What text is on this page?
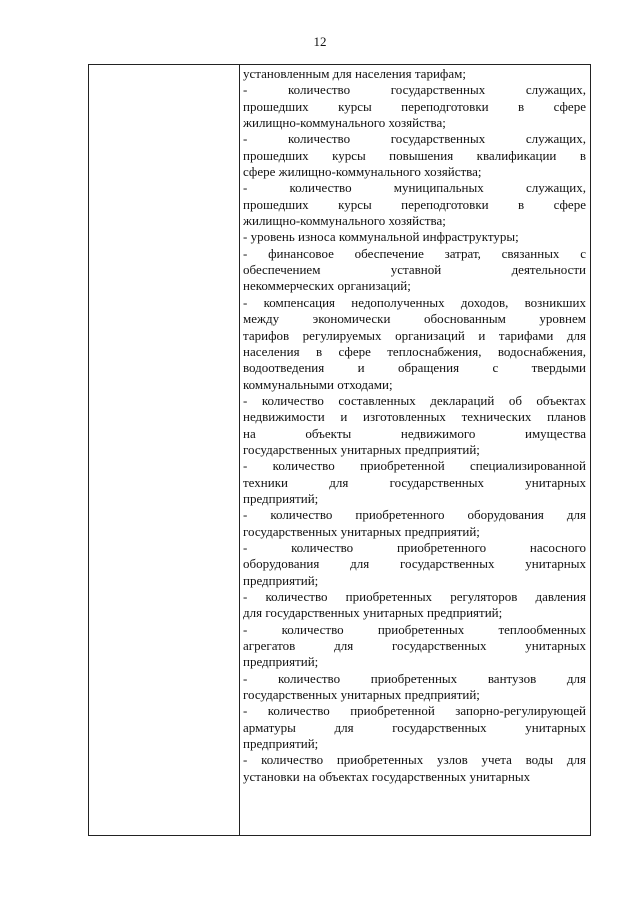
12
установленным для населения тарифам;
-	количество	государственных	служащих,
прошедших курсы переподготовки в сфере
жилищно-коммунального хозяйства;
-	количество	государственных	служащих,
прошедших курсы повышения квалификации в
сфере жилищно-коммунального хозяйства;
-	количество	муниципальных	служащих,
прошедших курсы переподготовки в сфере
жилищно-коммунального хозяйства;
- уровень износа коммунальной инфраструктуры;
- финансовое обеспечение затрат, связанных с
обеспечением	уставной	деятельности
некоммерческих организаций;
- компенсация недополученных доходов, возникших
между	экономически	обоснованным	уровнем
тарифов регулируемых организаций и тарифами для
населения в сфере теплоснабжения, водоснабжения,
водоотведения	и	обращения	с	твердыми
коммунальными отходами;
- количество составленных деклараций об объектах
недвижимости и изготовленных технических планов
на	объекты	недвижимого	имущества
государственных унитарных предприятий;
- количество приобретенной специализированной
техники	для	государственных	унитарных
предприятий;
- количество приобретенного оборудования для
государственных унитарных предприятий;
-	количество	приобретенного	насосного
оборудования для государственных унитарных
предприятий;
- количество приобретенных регуляторов давления
для государственных унитарных предприятий;
-	количество	приобретенных	теплообменных
агрегатов	для	государственных	унитарных
предприятий;
- количество приобретенных вантузов для
государственных унитарных предприятий;
- количество приобретенной запорно-регулирующей
арматуры	для	государственных	унитарных
предприятий;
- количество приобретенных узлов учета воды для
установки на объектах государственных унитарных
